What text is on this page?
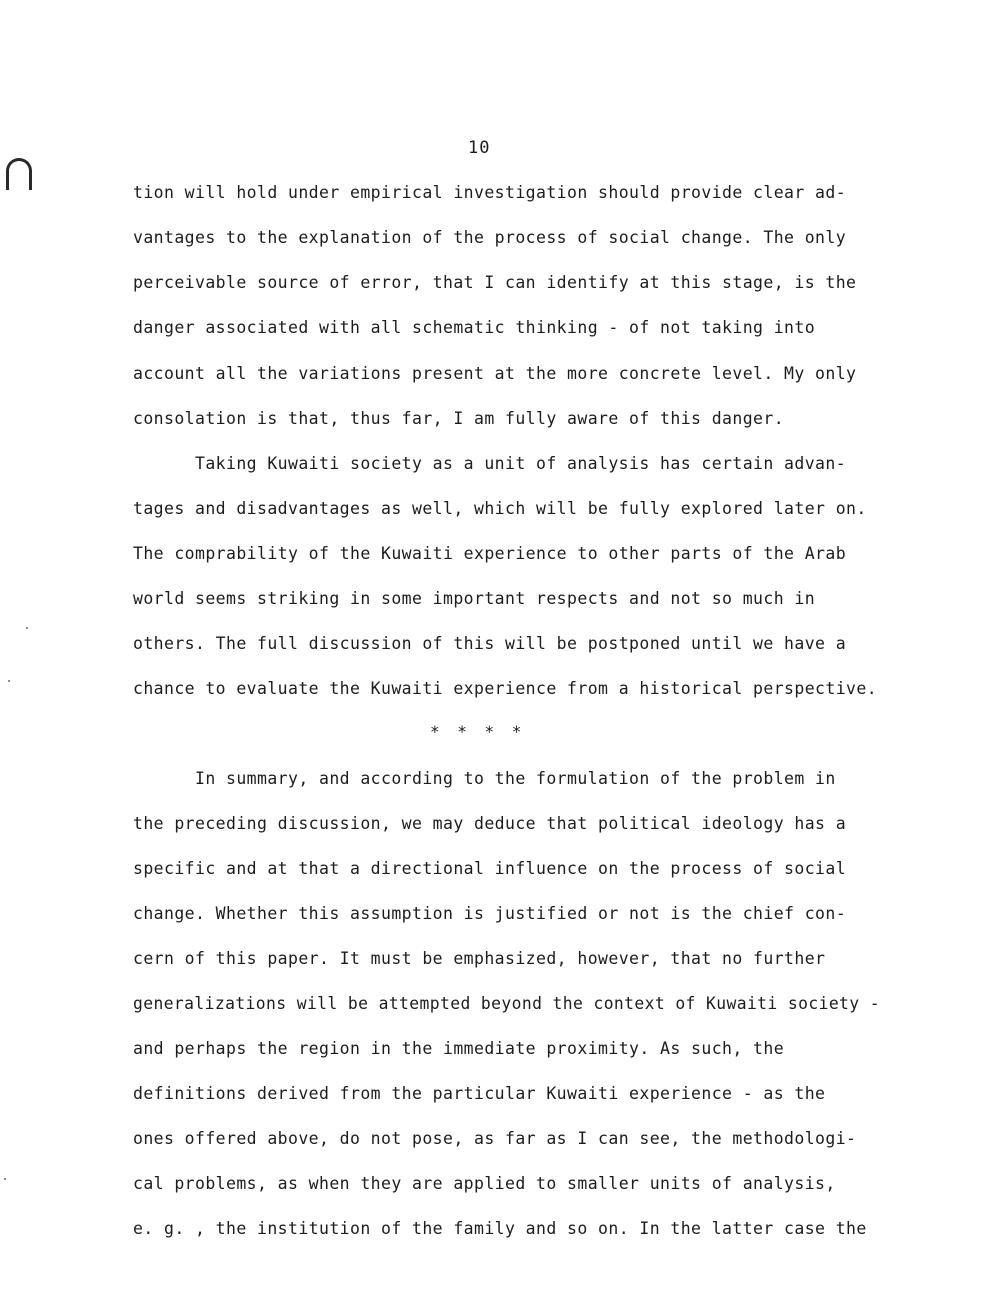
10
tion will hold under empirical investigation should provide clear ad-
vantages to the explanation of the process of social change. The only
perceivable source of error, that I can identify at this stage, is the
danger associated with all schematic thinking - of not taking into
account all the variations present at the more concrete level. My only
consolation is that, thus far, I am fully aware of this danger.
Taking Kuwaiti society as a unit of analysis has certain advan-
tages and disadvantages as well, which will be fully explored later on.
The comprability of the Kuwaiti experience to other parts of the Arab
world seems striking in some important respects and not so much in
others. The full discussion of this will be postponed until we have a
chance to evaluate the Kuwaiti experience from a historical perspective.
* * * *
In summary, and according to the formulation of the problem in
the preceding discussion, we may deduce that political ideology has a
specific and at that a directional influence on the process of social
change. Whether this assumption is justified or not is the chief con-
cern of this paper. It must be emphasized, however, that no further
generalizations will be attempted beyond the context of Kuwaiti society -
and perhaps the region in the immediate proximity. As such, the
definitions derived from the particular Kuwaiti experience - as the
ones offered above, do not pose, as far as I can see, the methodologi-
cal problems, as when they are applied to smaller units of analysis,
e. g. , the institution of the family and so on. In the latter case the
